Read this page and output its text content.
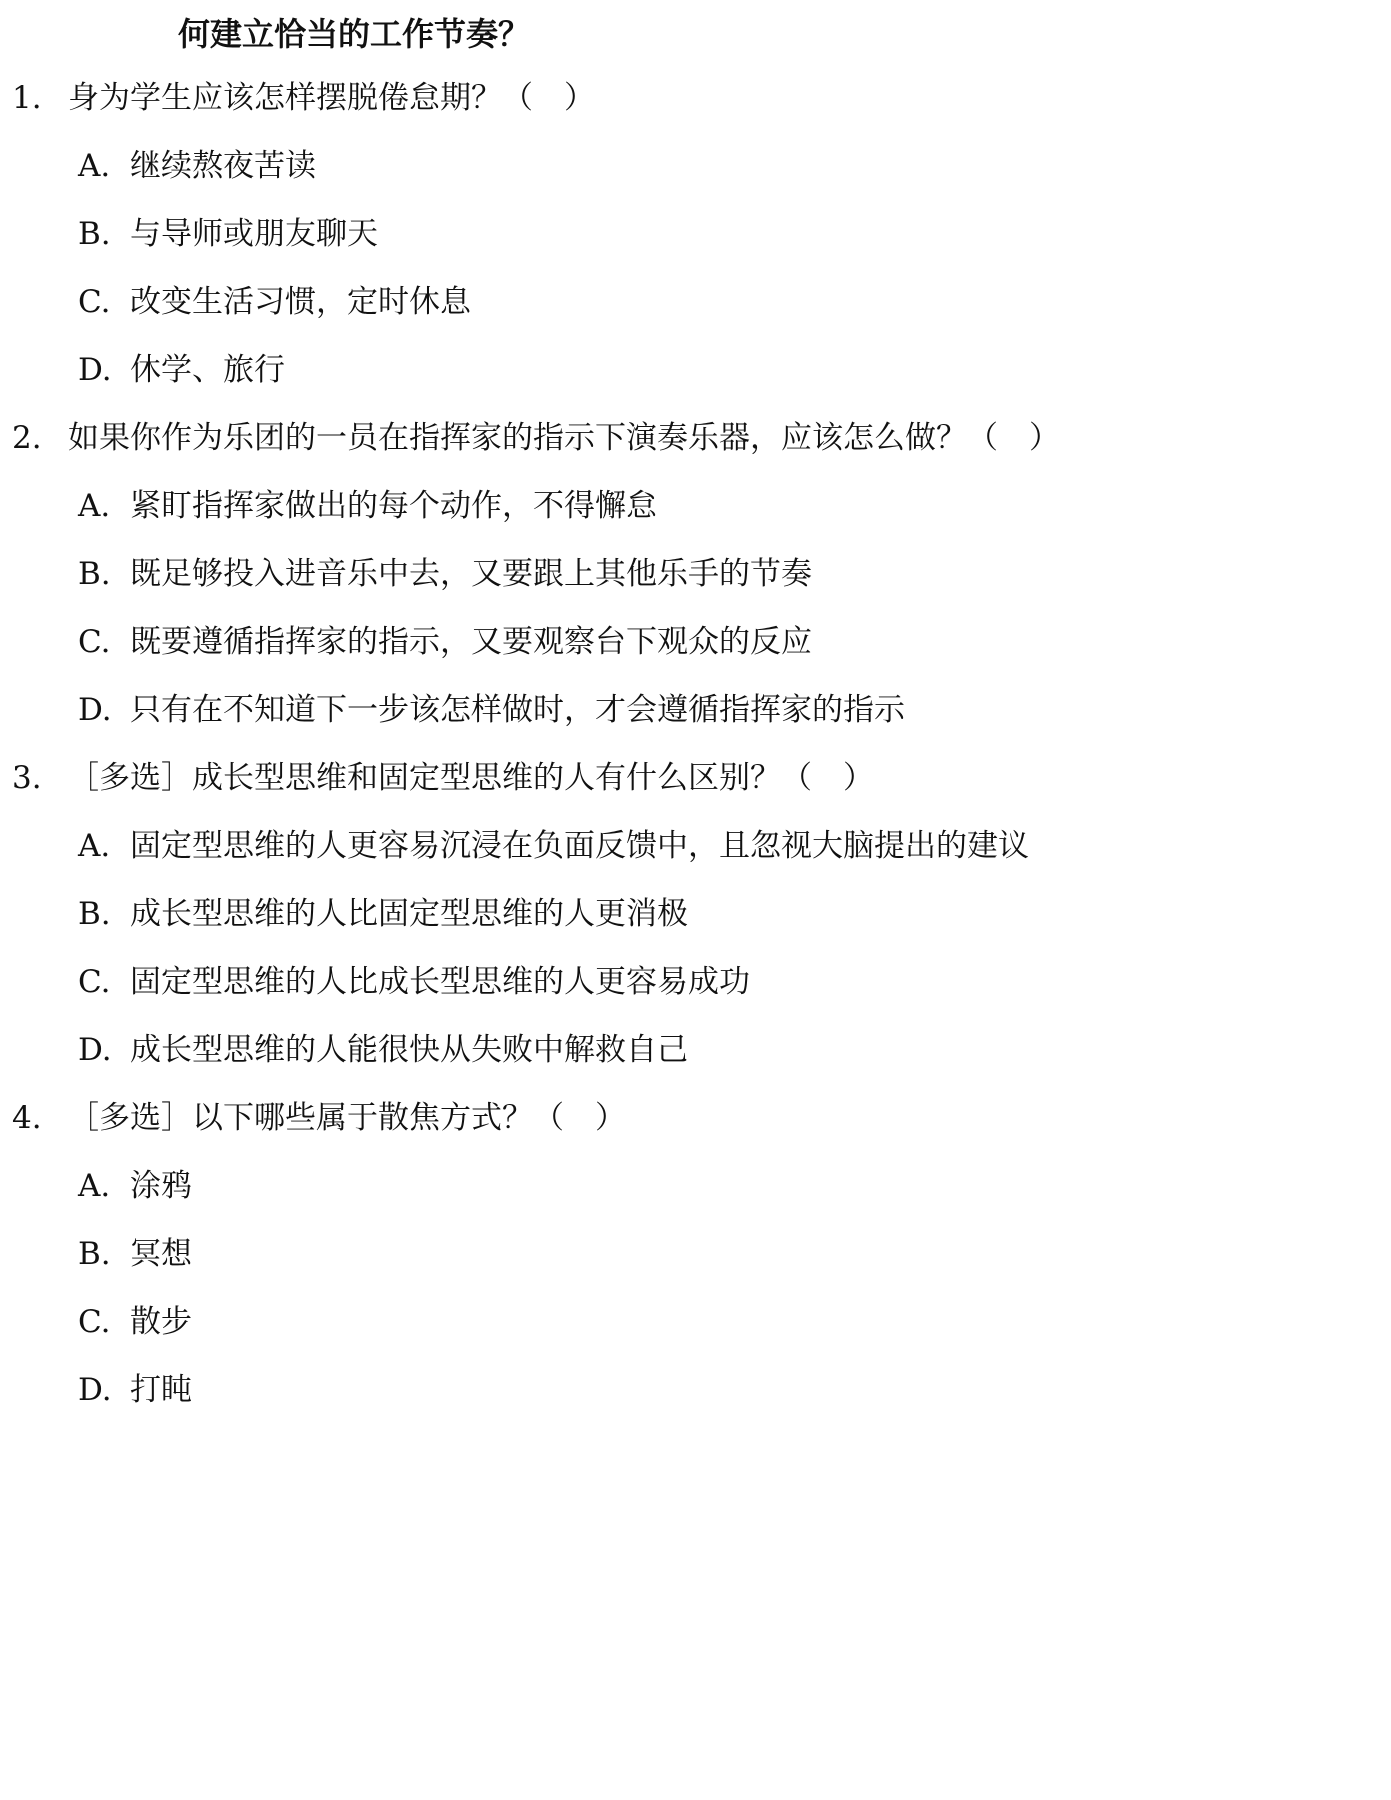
何建立恰当的工作节奏？
1. 身为学生应该怎样摆脱倦怠期？（　）
A. 继续熬夜苦读
B. 与导师或朋友聊天
C. 改变生活习惯，定时休息
D. 休学、旅行
2. 如果你作为乐团的一员在指挥家的指示下演奏乐器，应该怎么做？（　）
A. 紧盯指挥家做出的每个动作，不得懈怠
B. 既足够投入进音乐中去，又要跟上其他乐手的节奏
C. 既要遵循指挥家的指示，又要观察台下观众的反应
D. 只有在不知道下一步该怎样做时，才会遵循指挥家的指示
3. ［多选］成长型思维和固定型思维的人有什么区别？（　）
A. 固定型思维的人更容易沉浸在负面反馈中，且忽视大脑提出的建议
B. 成长型思维的人比固定型思维的人更消极
C. 固定型思维的人比成长型思维的人更容易成功
D. 成长型思维的人能很快从失败中解救自己
4. ［多选］以下哪些属于散焦方式？（　）
A. 涂鸦
B. 冥想
C. 散步
D. 打盹
